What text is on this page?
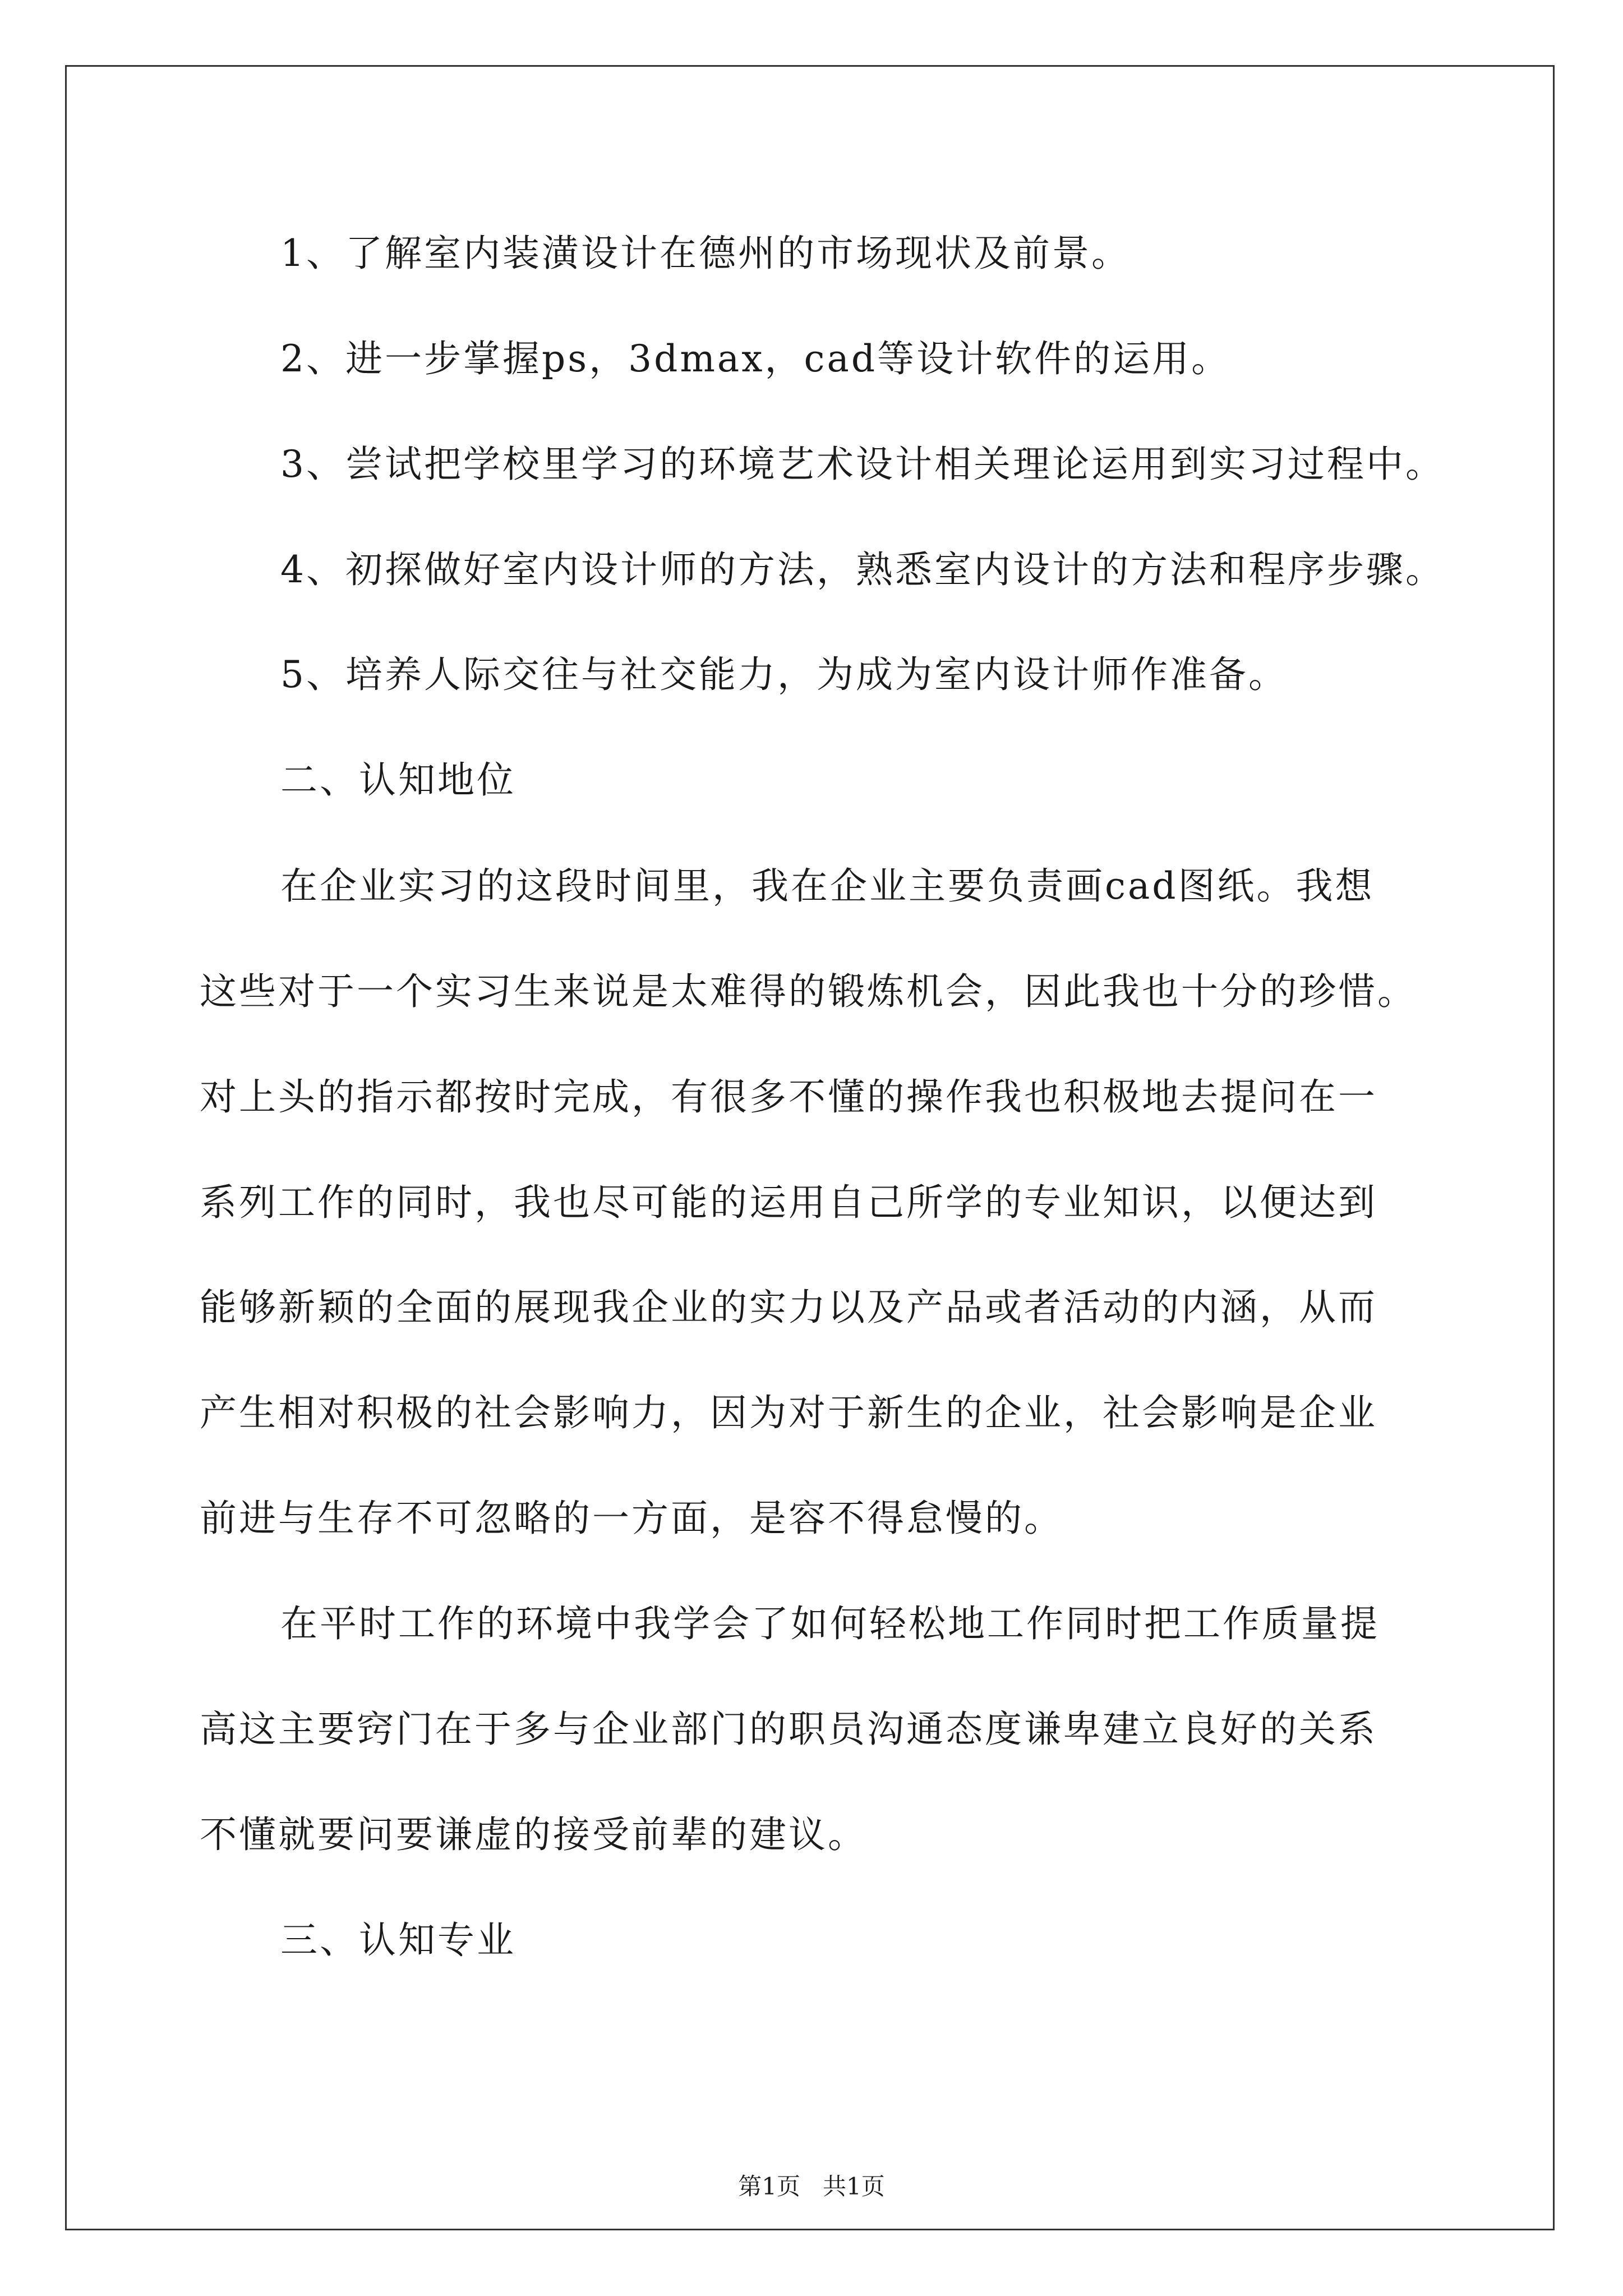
1、了解室内装潢设计在德州的市场现状及前景。
2、进一步掌握ps，3dmax，cad等设计软件的运用。
3、尝试把学校里学习的环境艺术设计相关理论运用到实习过程中。
4、初探做好室内设计师的方法，熟悉室内设计的方法和程序步骤。
5、培养人际交往与社交能力，为成为室内设计师作准备。
二、认知地位
在企业实习的这段时间里，我在企业主要负责画cad图纸。我想
这些对于一个实习生来说是太难得的锻炼机会，因此我也十分的珍惜。
对上头的指示都按时完成，有很多不懂的操作我也积极地去提问在一
系列工作的同时，我也尽可能的运用自己所学的专业知识，以便达到
能够新颖的全面的展现我企业的实力以及产品或者活动的内涵，从而
产生相对积极的社会影响力，因为对于新生的企业，社会影响是企业
前进与生存不可忽略的一方面，是容不得怠慢的。
在平时工作的环境中我学会了如何轻松地工作同时把工作质量提
高这主要窍门在于多与企业部门的职员沟通态度谦卑建立良好的关系
不懂就要问要谦虚的接受前辈的建议。
三、认知专业
第1页   共1页
